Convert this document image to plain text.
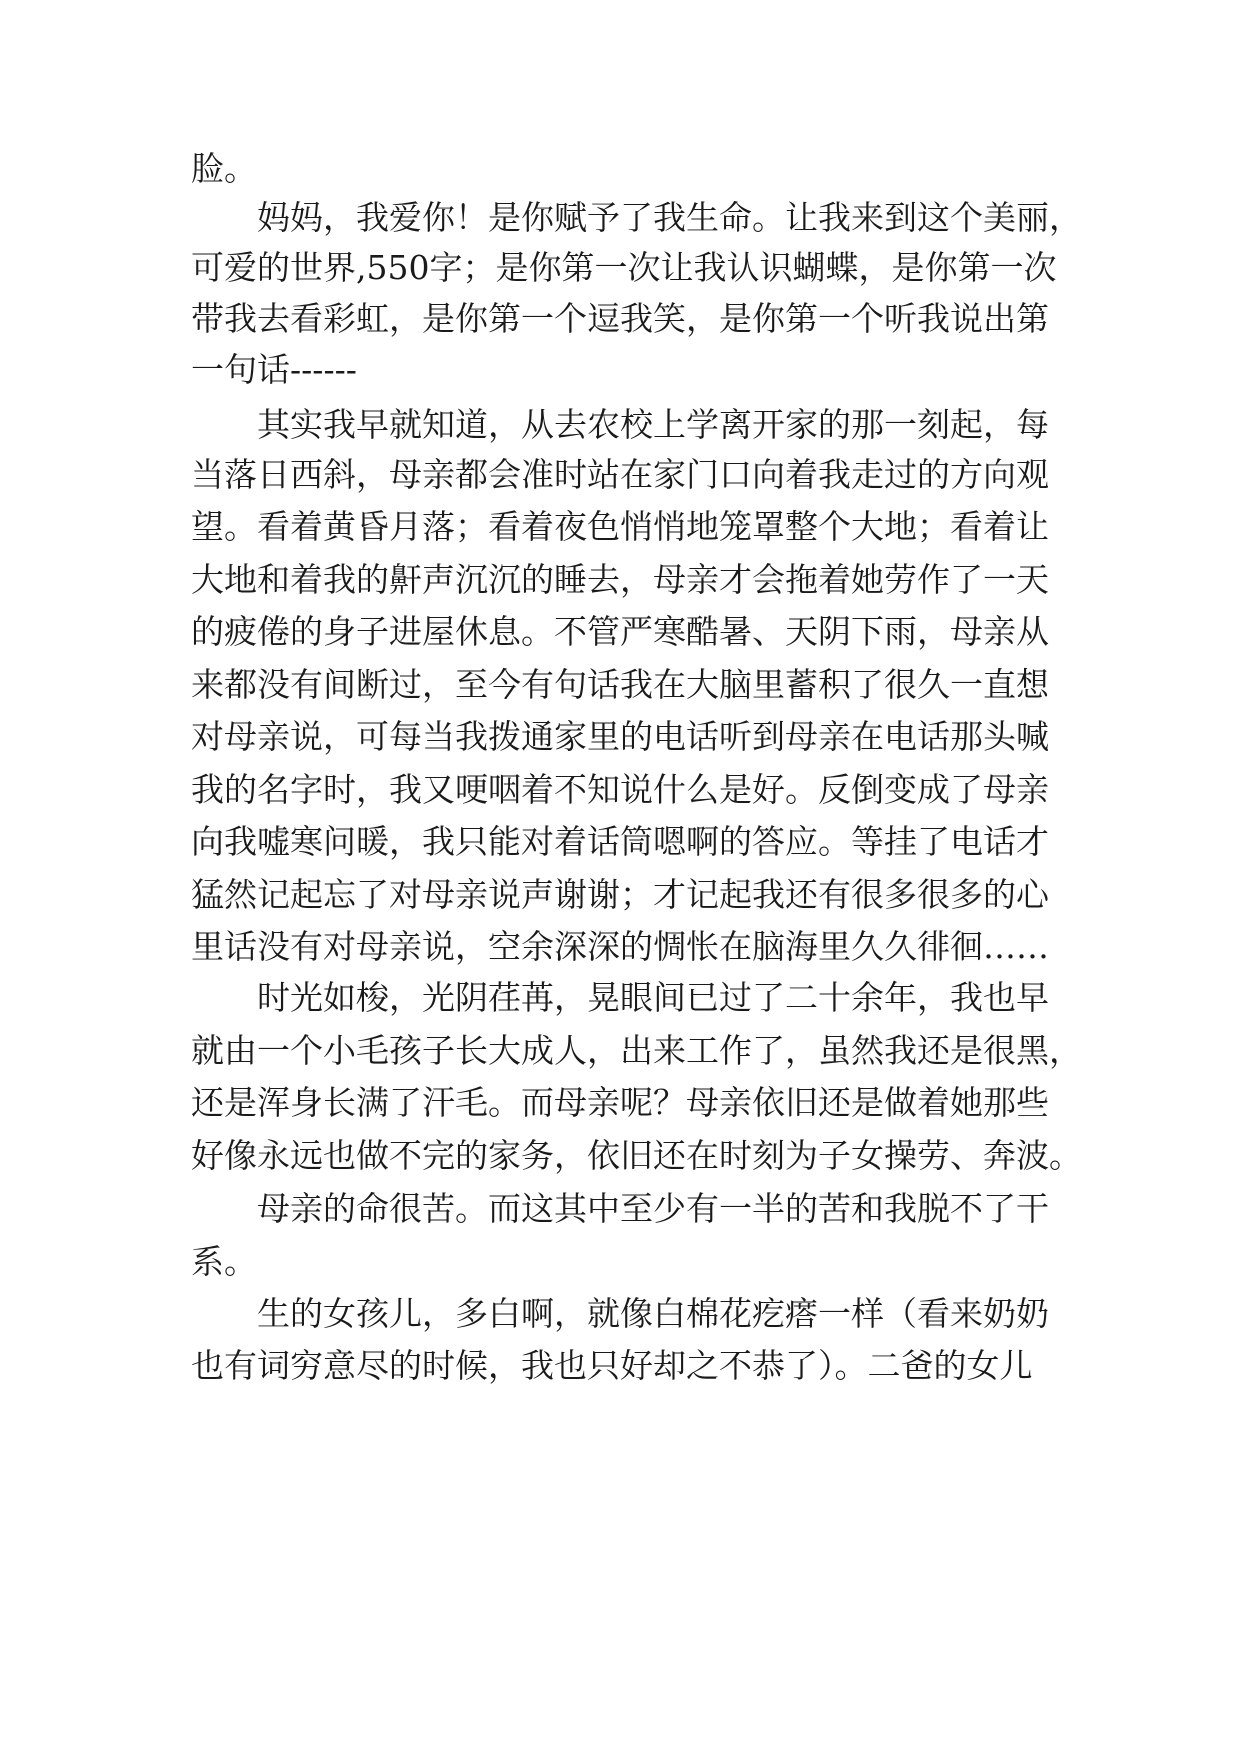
脸。
妈妈，我爱你！是你赋予了我生命。让我来到这个美丽，
可爱的世界,550字；是你第一次让我认识蝴蝶，是你第一次
带我去看彩虹，是你第一个逗我笑，是你第一个听我说出第
一句话------
其实我早就知道，从去农校上学离开家的那一刻起，每
当落日西斜，母亲都会准时站在家门口向着我走过的方向观
望。看着黄昏月落；看着夜色悄悄地笼罩整个大地；看着让
大地和着我的鼾声沉沉的睡去，母亲才会拖着她劳作了一天
的疲倦的身子进屋休息。不管严寒酷暑、天阴下雨，母亲从
来都没有间断过，至今有句话我在大脑里蓄积了很久一直想
对母亲说，可每当我拨通家里的电话听到母亲在电话那头喊
我的名字时，我又哽咽着不知说什么是好。反倒变成了母亲
向我嘘寒问暖，我只能对着话筒嗯啊的答应。等挂了电话才
猛然记起忘了对母亲说声谢谢；才记起我还有很多很多的心
里话没有对母亲说，空余深深的惆怅在脑海里久久徘徊……
时光如梭，光阴荏苒，晃眼间已过了二十余年，我也早
就由一个小毛孩子长大成人，出来工作了，虽然我还是很黑，
还是浑身长满了汗毛。而母亲呢？母亲依旧还是做着她那些
好像永远也做不完的家务，依旧还在时刻为子女操劳、奔波。
母亲的命很苦。而这其中至少有一半的苦和我脱不了干
系。
生的女孩儿，多白啊，就像白棉花疙瘩一样（看来奶奶
也有词穷意尽的时候，我也只好却之不恭了）。二爸的女儿
